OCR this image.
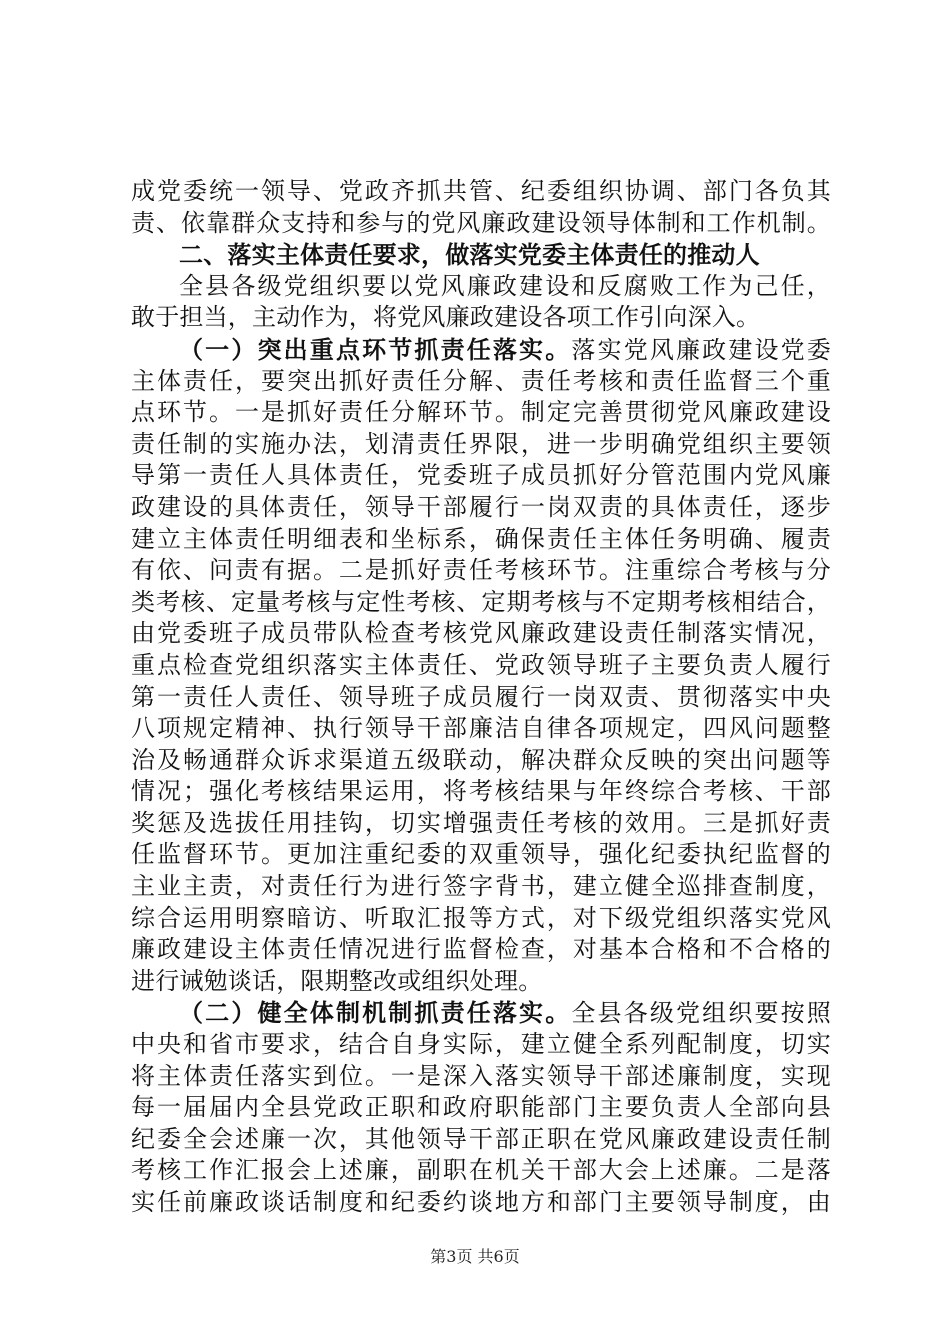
成党委统一领导、党政齐抓共管、纪委组织协调、部门各负其
责、依靠群众支持和参与的党风廉政建设领导体制和工作机制。
二、落实主体责任要求，做落实党委主体责任的推动人
全县各级党组织要以党风廉政建设和反腐败工作为己任，
敢于担当，主动作为，将党风廉政建设各项工作引向深入。
（一）突出重点环节抓责任落实。落实党风廉政建设党委
主体责任，要突出抓好责任分解、责任考核和责任监督三个重
点环节。一是抓好责任分解环节。制定完善贯彻党风廉政建设
责任制的实施办法，划清责任界限，进一步明确党组织主要领
导第一责任人具体责任，党委班子成员抓好分管范围内党风廉
政建设的具体责任，领导干部履行一岗双责的具体责任，逐步
建立主体责任明细表和坐标系，确保责任主体任务明确、履责
有依、问责有据。二是抓好责任考核环节。注重综合考核与分
类考核、定量考核与定性考核、定期考核与不定期考核相结合，
由党委班子成员带队检查考核党风廉政建设责任制落实情况，
重点检查党组织落实主体责任、党政领导班子主要负责人履行
第一责任人责任、领导班子成员履行一岗双责、贯彻落实中央
八项规定精神、执行领导干部廉洁自律各项规定，四风问题整
治及畅通群众诉求渠道五级联动，解决群众反映的突出问题等
情况；强化考核结果运用，将考核结果与年终综合考核、干部
奖惩及选拔任用挂钩，切实增强责任考核的效用。三是抓好责
任监督环节。更加注重纪委的双重领导，强化纪委执纪监督的
主业主责，对责任行为进行签字背书，建立健全巡排查制度，
综合运用明察暗访、听取汇报等方式，对下级党组织落实党风
廉政建设主体责任情况进行监督检查，对基本合格和不合格的
进行诫勉谈话，限期整改或组织处理。
（二）健全体制机制抓责任落实。全县各级党组织要按照
中央和省市要求，结合自身实际，建立健全系列配制度，切实
将主体责任落实到位。一是深入落实领导干部述廉制度，实现
每一届届内全县党政正职和政府职能部门主要负责人全部向县
纪委全会述廉一次，其他领导干部正职在党风廉政建设责任制
考核工作汇报会上述廉，副职在机关干部大会上述廉。二是落
实任前廉政谈话制度和纪委约谈地方和部门主要领导制度，由
第3页 共6页
